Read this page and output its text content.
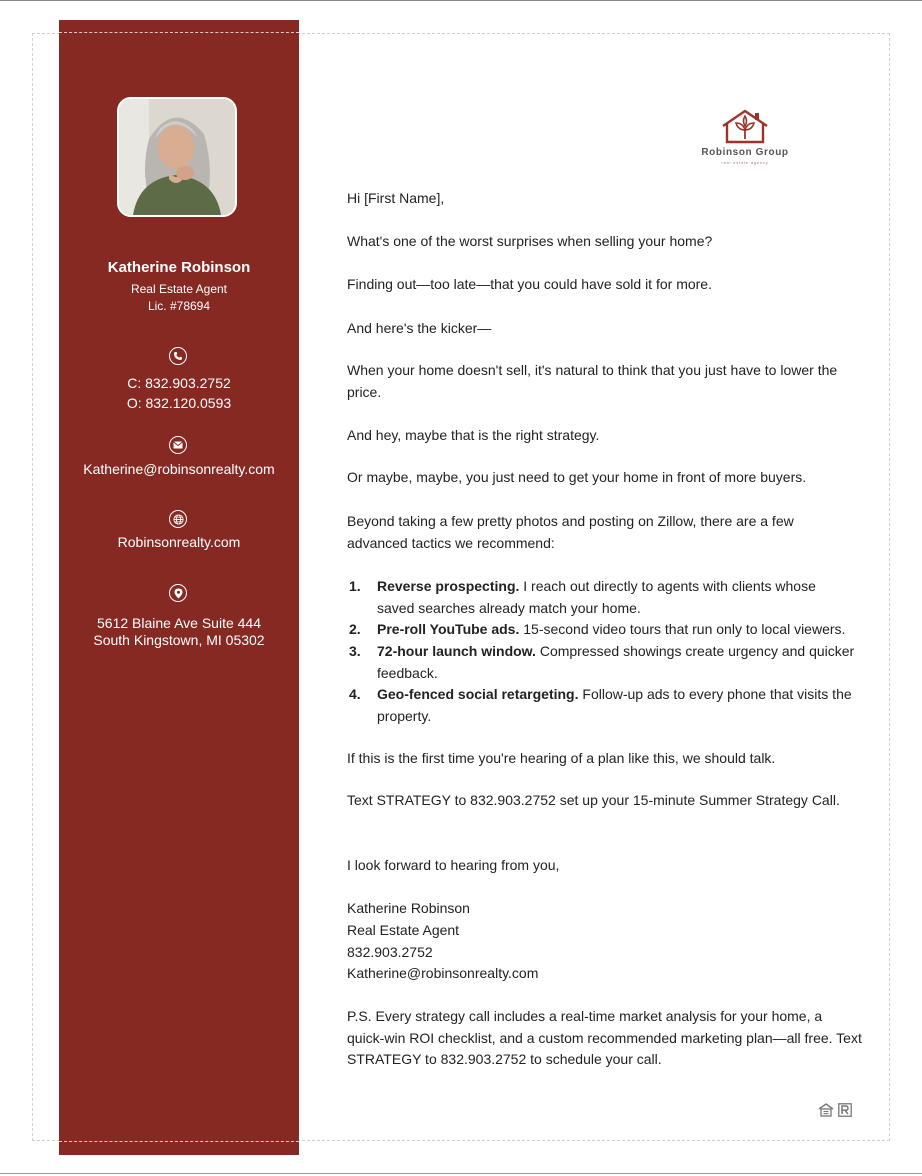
Katherine Robinson
Real Estate Agent
Lic. #78694
C: 832.903.2752
O: 832.120.0593
Katherine@robinsonrealty.com
Robinsonrealty.com
5612 Blaine Ave Suite 444
South Kingstown, MI 05302
Robinson Group
real estate agency

Hi [First Name],

What's one of the worst surprises when selling your home?

Finding out—too late—that you could have sold it for more.

And here's the kicker—

When your home doesn't sell, it's natural to think that you just have to lower the price.

And hey, maybe that is the right strategy.

Or maybe, maybe, you just need to get your home in front of more buyers.

Beyond taking a few pretty photos and posting on Zillow, there are a few advanced tactics we recommend:

1. Reverse prospecting. I reach out directly to agents with clients whose saved searches already match your home.
2. Pre-roll YouTube ads. 15-second video tours that run only to local viewers.
3. 72-hour launch window. Compressed showings create urgency and quicker feedback.
4. Geo-fenced social retargeting. Follow-up ads to every phone that visits the property.

If this is the first time you're hearing of a plan like this, we should talk.

Text STRATEGY to 832.903.2752 set up your 15-minute Summer Strategy Call.

I look forward to hearing from you,

Katherine Robinson

Real Estate Agent

832.903.2752

Katherine@robinsonrealty.com

P.S. Every strategy call includes a real-time market analysis for your home, a quick-win ROI checklist, and a custom recommended marketing plan—all free. Text STRATEGY to 832.903.2752 to schedule your call.
